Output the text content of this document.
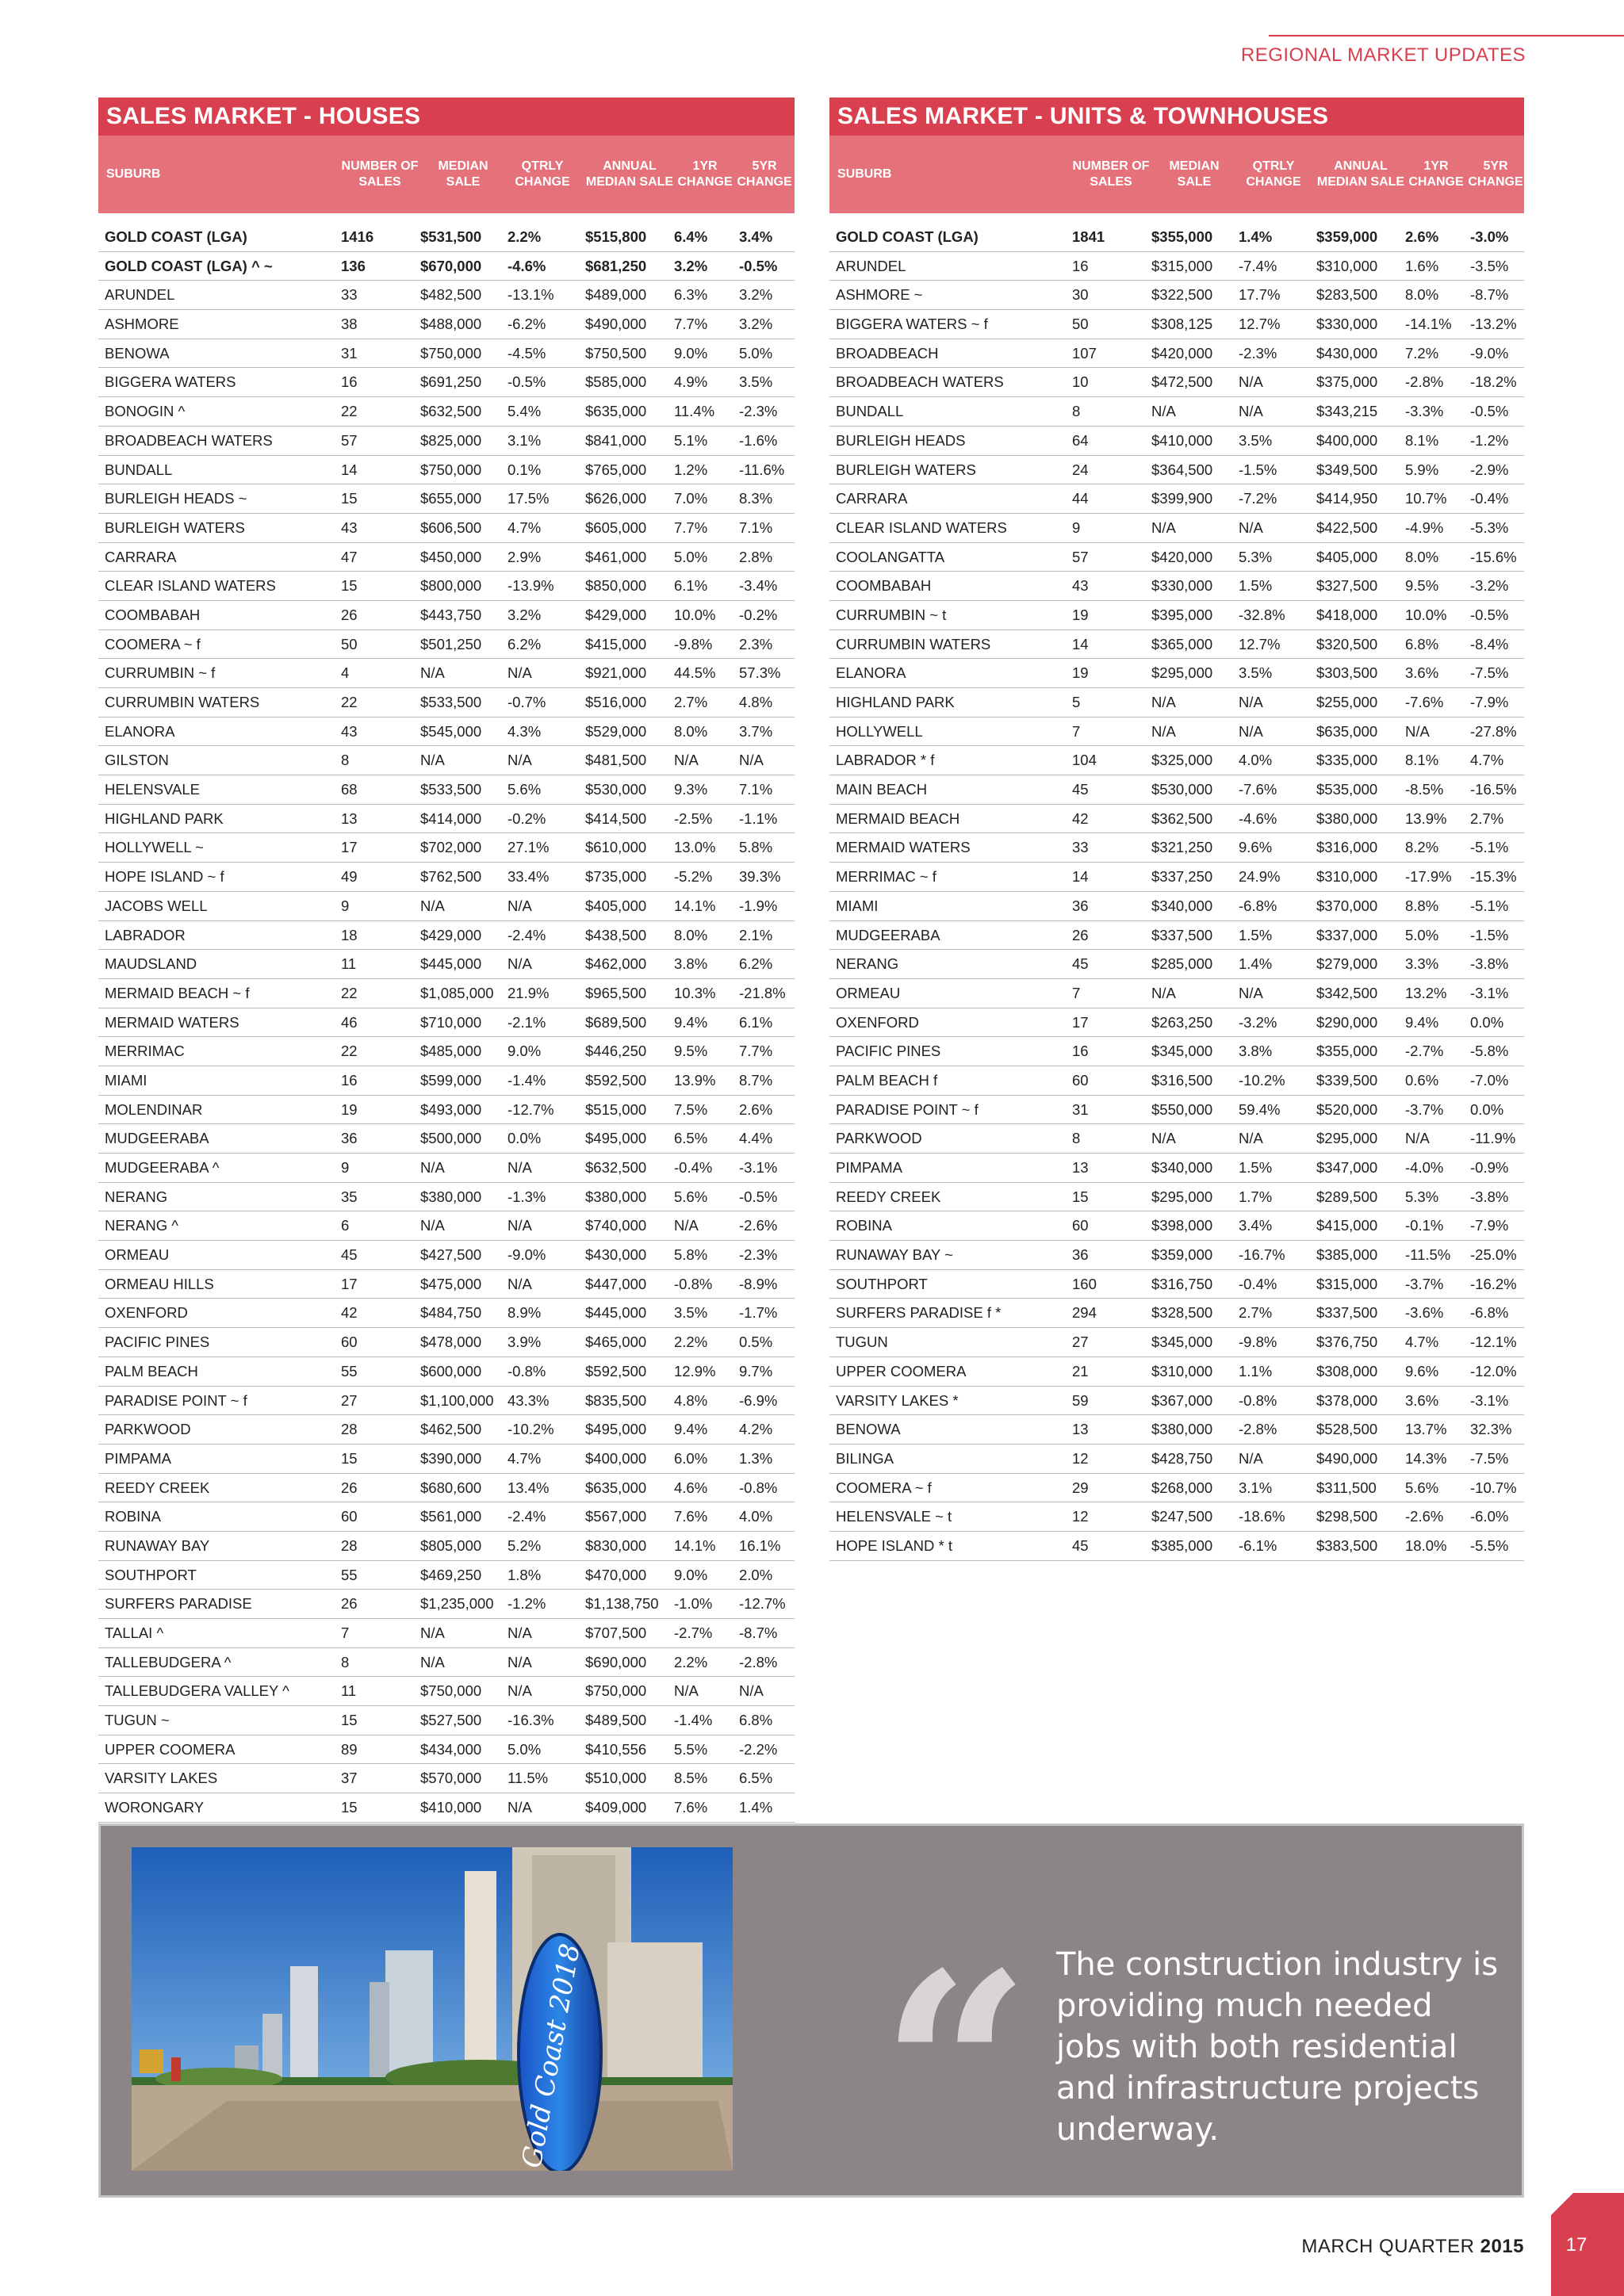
REGIONAL MARKET UPDATES
SALES MARKET - HOUSES
SUBURB
NUMBER OF SALES
MEDIAN SALE
QTRLY CHANGE
ANNUAL MEDIAN SALE
1YR CHANGE
5YR CHANGE
GOLD COAST (LGA)	1416	$531,500 2.2%	$515,800 6.4% 3.4%
GOLD COAST (LGA) ^ ~	136	$670,000 -4.6%	$681,250 3.2% -0.5%
ARUNDEL	33	$482,500 -13.1% $489,000 6.3% 3.2%
ASHMORE	38	$488,000 -6.2%	$490,000 7.7% 3.2%
BENOWA	31	$750,000 -4.5%	$750,500 9.0% 5.0%
BIGGERA WATERS	16	$691,250 -0.5%	$585,000 4.9% 3.5%
BONOGIN ^	22	$632,500 5.4%	$635,000 11.4% -2.3%
BROADBEACH WATERS	57	$825,000 3.1%	$841,000 5.1% -1.6%
BUNDALL	14	$750,000 0.1%	$765,000 1.2% -11.6%
BURLEIGH HEADS ~	15	$655,000 17.5% $626,000 7.0% 8.3%
BURLEIGH WATERS	43	$606,500 4.7%	$605,000 7.7% 7.1%
CARRARA	47	$450,000 2.9%	$461,000 5.0% 2.8%
CLEAR ISLAND WATERS	15	$800,000 -13.9% $850,000 6.1% -3.4%
COOMBABAH	26	$443,750 3.2%	$429,000 10.0% -0.2%
COOMERA ~ f	50	$501,250 6.2%	$415,000 -9.8% 2.3%
CURRUMBIN ~ f	4	N/A	N/A	$921,000 44.5% 57.3%
CURRUMBIN WATERS	22	$533,500 -0.7%	$516,000 2.7% 4.8%
ELANORA	43	$545,000 4.3%	$529,000 8.0% 3.7%
GILSTON	8	N/A	N/A	$481,500 N/A	N/A
HELENSVALE	68	$533,500 5.6%	$530,000 9.3% 7.1%
HIGHLAND PARK	13	$414,000 -0.2%	$414,500 -2.5% -1.1%
HOLLYWELL ~	17	$702,000 27.1% $610,000 13.0% 5.8%
HOPE ISLAND ~ f	49	$762,500 33.4% $735,000 -5.2% 39.3%
JACOBS WELL	9	N/A	N/A	$405,000 14.1% -1.9%
LABRADOR	18	$429,000 -2.4%	$438,500 8.0% 2.1%
MAUDSLAND	11	$445,000 N/A	$462,000 3.8% 6.2%
MERMAID BEACH ~ f	22	$1,085,000 21.9% $965,500 10.3% -21.8%
MERMAID WATERS	46	$710,000 -2.1%	$689,500 9.4% 6.1%
MERRIMAC	22	$485,000 9.0%	$446,250 9.5% 7.7%
MIAMI	16	$599,000 -1.4%	$592,500 13.9% 8.7%
MOLENDINAR	19	$493,000 -12.7% $515,000 7.5% 2.6%
MUDGEERABA	36	$500,000 0.0%	$495,000 6.5% 4.4%
MUDGEERABA ^	9	N/A	N/A	$632,500 -0.4% -3.1%
NERANG	35	$380,000 -1.3%	$380,000 5.6% -0.5%
NERANG ^	6	N/A	N/A	$740,000 N/A	-2.6%
ORMEAU	45	$427,500 -9.0%	$430,000 5.8% -2.3%
ORMEAU HILLS	17	$475,000 N/A	$447,000 -0.8% -8.9%
OXENFORD	42	$484,750 8.9%	$445,000 3.5% -1.7%
PACIFIC PINES	60	$478,000 3.9%	$465,000 2.2% 0.5%
PALM BEACH	55	$600,000 -0.8%	$592,500 12.9% 9.7%
PARADISE POINT ~ f	27	$1,100,000 43.3% $835,500 4.8% -6.9%
PARKWOOD	28	$462,500 -10.2% $495,000 9.4% 4.2%
PIMPAMA	15	$390,000 4.7%	$400,000 6.0% 1.3%
REEDY CREEK	26	$680,600 13.4% $635,000 4.6% -0.8%
ROBINA	60	$561,000 -2.4%	$567,000 7.6% 4.0%
RUNAWAY BAY	28	$805,000 5.2%	$830,000 14.1% 16.1%
SOUTHPORT	55	$469,250 1.8%	$470,000 9.0% 2.0%
SURFERS PARADISE	26	$1,235,000 -1.2%	$1,138,750 -1.0% -12.7%
TALLAI ^	7	N/A	N/A	$707,500 -2.7% -8.7%
TALLEBUDGERA ^	8	N/A	N/A	$690,000 2.2% -2.8%
TALLEBUDGERA VALLEY ^	11	$750,000 N/A	$750,000 N/A	N/A
TUGUN ~	15	$527,500 -16.3% $489,500 -1.4% 6.8%
UPPER COOMERA	89	$434,000 5.0%	$410,556 5.5% -2.2%
VARSITY LAKES	37	$570,000 11.5%	$510,000 8.5% 6.5%
WORONGARY	15	$410,000 N/A	$409,000 7.6% 1.4%
SALES MARKET - UNITS & TOWNHOUSES
SUBURB
NUMBER OF SALES
MEDIAN SALE
QTRLY CHANGE
ANNUAL MEDIAN SALE
1YR CHANGE
5YR CHANGE
GOLD COAST (LGA)	1841	$355,000 1.4%	$359,000 2.6% -3.0%
ARUNDEL	16	$315,000 -7.4%	$310,000 1.6% -3.5%
ASHMORE ~	30	$322,500 17.7% $283,500 8.0% -8.7%
BIGGERA WATERS ~ f	50	$308,125 12.7% $330,000 -14.1% -13.2%
BROADBEACH	107	$420,000 -2.3%	$430,000 7.2% -9.0%
BROADBEACH WATERS	10	$472,500 N/A	$375,000 -2.8% -18.2%
BUNDALL	8	N/A	N/A	$343,215 -3.3% -0.5%
BURLEIGH HEADS	64	$410,000 3.5%	$400,000 8.1% -1.2%
BURLEIGH WATERS	24	$364,500 -1.5%	$349,500 5.9% -2.9%
CARRARA	44	$399,900 -7.2%	$414,950 10.7% -0.4%
CLEAR ISLAND WATERS	9	N/A	N/A	$422,500 -4.9% -5.3%
COOLANGATTA	57	$420,000 5.3%	$405,000 8.0% -15.6%
COOMBABAH	43	$330,000 1.5%	$327,500 9.5% -3.2%
CURRUMBIN ~ t	19	$395,000 -32.8% $418,000 10.0% -0.5%
CURRUMBIN WATERS	14	$365,000 12.7% $320,500 6.8% -8.4%
ELANORA	19	$295,000 3.5%	$303,500 3.6% -7.5%
HIGHLAND PARK	5	N/A	N/A	$255,000 -7.6% -7.9%
HOLLYWELL	7	N/A	N/A	$635,000 N/A	-27.8%
LABRADOR * f	104	$325,000 4.0%	$335,000 8.1% 4.7%
MAIN BEACH	45	$530,000 -7.6%	$535,000 -8.5% -16.5%
MERMAID BEACH	42	$362,500 -4.6%	$380,000 13.9% 2.7%
MERMAID WATERS	33	$321,250 9.6%	$316,000 8.2% -5.1%
MERRIMAC ~ f	14	$337,250 24.9% $310,000 -17.9% -15.3%
MIAMI	36	$340,000 -6.8%	$370,000 8.8% -5.1%
MUDGEERABA	26	$337,500 1.5%	$337,000 5.0% -1.5%
NERANG	45	$285,000 1.4%	$279,000 3.3% -3.8%
ORMEAU	7	N/A	N/A	$342,500 13.2% -3.1%
OXENFORD	17	$263,250 -3.2%	$290,000 9.4% 0.0%
PACIFIC PINES	16	$345,000 3.8%	$355,000 -2.7% -5.8%
PALM BEACH f	60	$316,500 -10.2% $339,500 0.6% -7.0%
PARADISE POINT ~ f	31	$550,000 59.4% $520,000 -3.7% 0.0%
PARKWOOD	8	N/A	N/A	$295,000 N/A	-11.9%
PIMPAMA	13	$340,000 1.5%	$347,000 -4.0% -0.9%
REEDY CREEK	15	$295,000 1.7%	$289,500 5.3% -3.8%
ROBINA	60	$398,000 3.4%	$415,000 -0.1% -7.9%
RUNAWAY BAY ~	36	$359,000 -16.7% $385,000 -11.5% -25.0%
SOUTHPORT	160	$316,750 -0.4%	$315,000 -3.7% -16.2%
SURFERS PARADISE f *	294	$328,500 2.7%	$337,500 -3.6% -6.8%
TUGUN	27	$345,000 -9.8%	$376,750 4.7% -12.1%
UPPER COOMERA	21	$310,000 1.1%	$308,000 9.6% -12.0%
VARSITY LAKES *	59	$367,000 -0.8%	$378,000 3.6% -3.1%
BENOWA	13	$380,000 -2.8%	$528,500 13.7% 32.3%
BILINGA	12	$428,750 N/A	$490,000 14.3% -7.5%
COOMERA ~ f	29	$268,000 3.1%	$311,500 5.6% -10.7%
HELENSVALE ~ t	12	$247,500 -18.6% $298,500 -2.6% -6.0%
HOPE ISLAND * t	45	$385,000 -6.1%	$383,500 18.0% -5.5%
Gold Coast 2018 “ The construction industry is providing much needed jobs with both residential and infrastructure projects underway.
MARCH QUARTER 2015	17
